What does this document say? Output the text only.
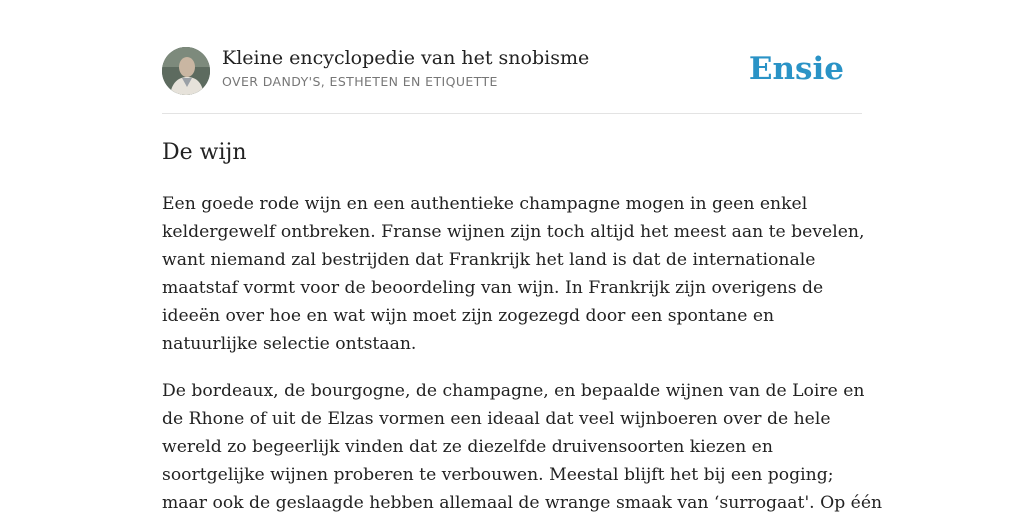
Kleine encyclopedie van het snobisme
OVER DANDY'S, ESTHETEN EN ETIQUETTE	Ensie
De wijn

Een goede rode wijn en een authentieke champagne mogen in geen enkel
keldergewelf ontbreken. Franse wijnen zijn toch altijd het meest aan te bevelen,
want niemand zal bestrijden dat Frankrijk het land is dat de internationale
maatstaf vormt voor de beoordeling van wijn. In Frankrijk zijn overigens de
ideeën over hoe en wat wijn moet zijn zogezegd door een spontane en
natuurlijke selectie ontstaan.

De bordeaux, de bourgogne, de champagne, en bepaalde wijnen van de Loire en
de Rhone of uit de Elzas vormen een ideaal dat veel wijnboeren over de hele
wereld zo begeerlijk vinden dat ze diezelfde druivensoorten kiezen en
soortgelijke wijnen proberen te verbouwen. Meestal blijft het bij een poging;
maar ook de geslaagde hebben allemaal de wrange smaak van ‘surrogaat'. Op één
